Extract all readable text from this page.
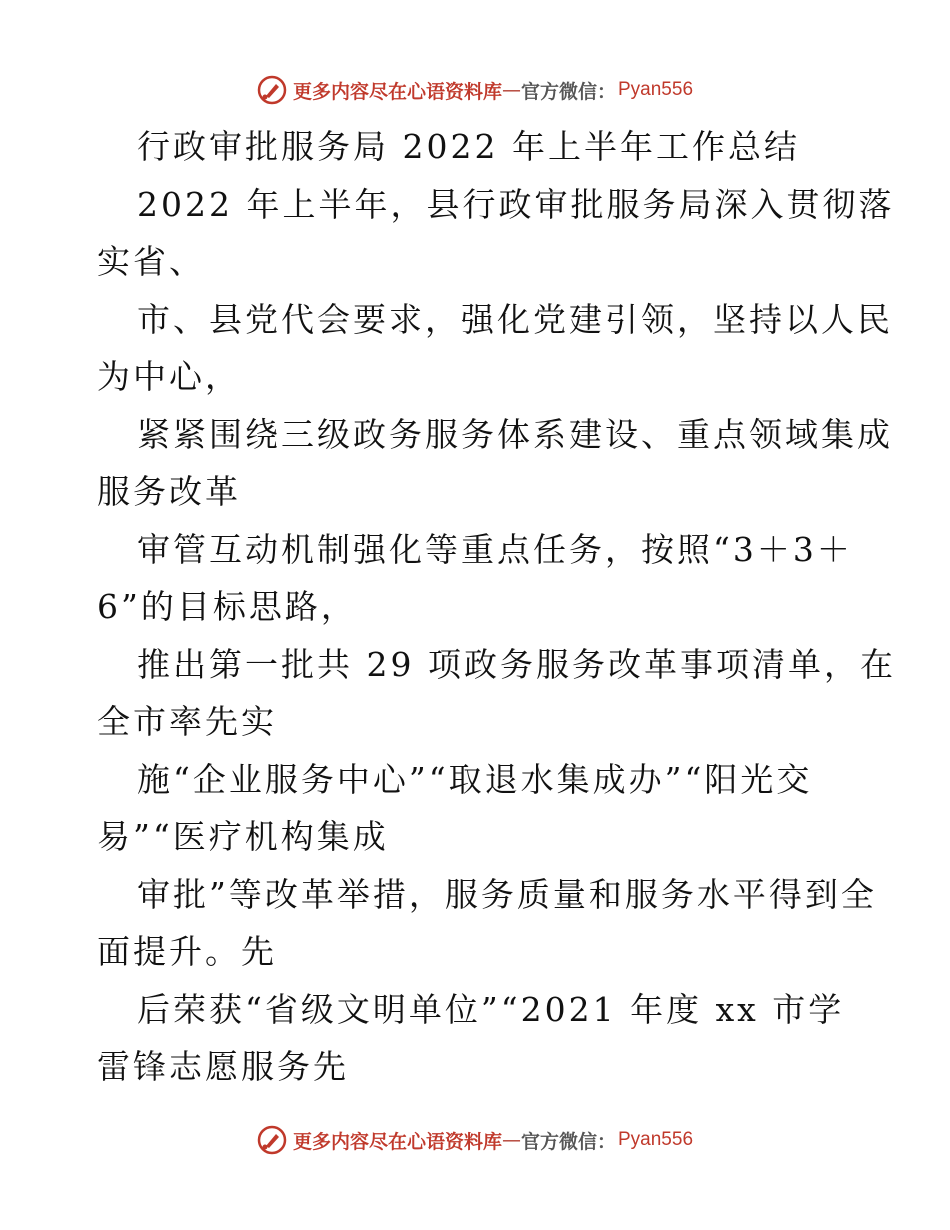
更多内容尽在心语资料库 — 官方微信： Pyan556
行政审批服务局 2022 年上半年工作总结
2022 年上半年，县行政审批服务局深入贯彻落
实省、
市、县党代会要求，强化党建引领，坚持以人民
为中心，
紧紧围绕三级政务服务体系建设、重点领域集成
服务改革
审管互动机制强化等重点任务，按照“3＋3＋
6”的目标思路，
推出第一批共 29 项政务服务改革事项清单，在
全市率先实
施“企业服务中心”“取退水集成办”“阳光交
易”“医疗机构集成
审批”等改革举措，服务质量和服务水平得到全
面提升。先
后荣获“省级文明单位”“2021 年度 xx 市学
雷锋志愿服务先
更多内容尽在心语资料库 — 官方微信： Pyan556
